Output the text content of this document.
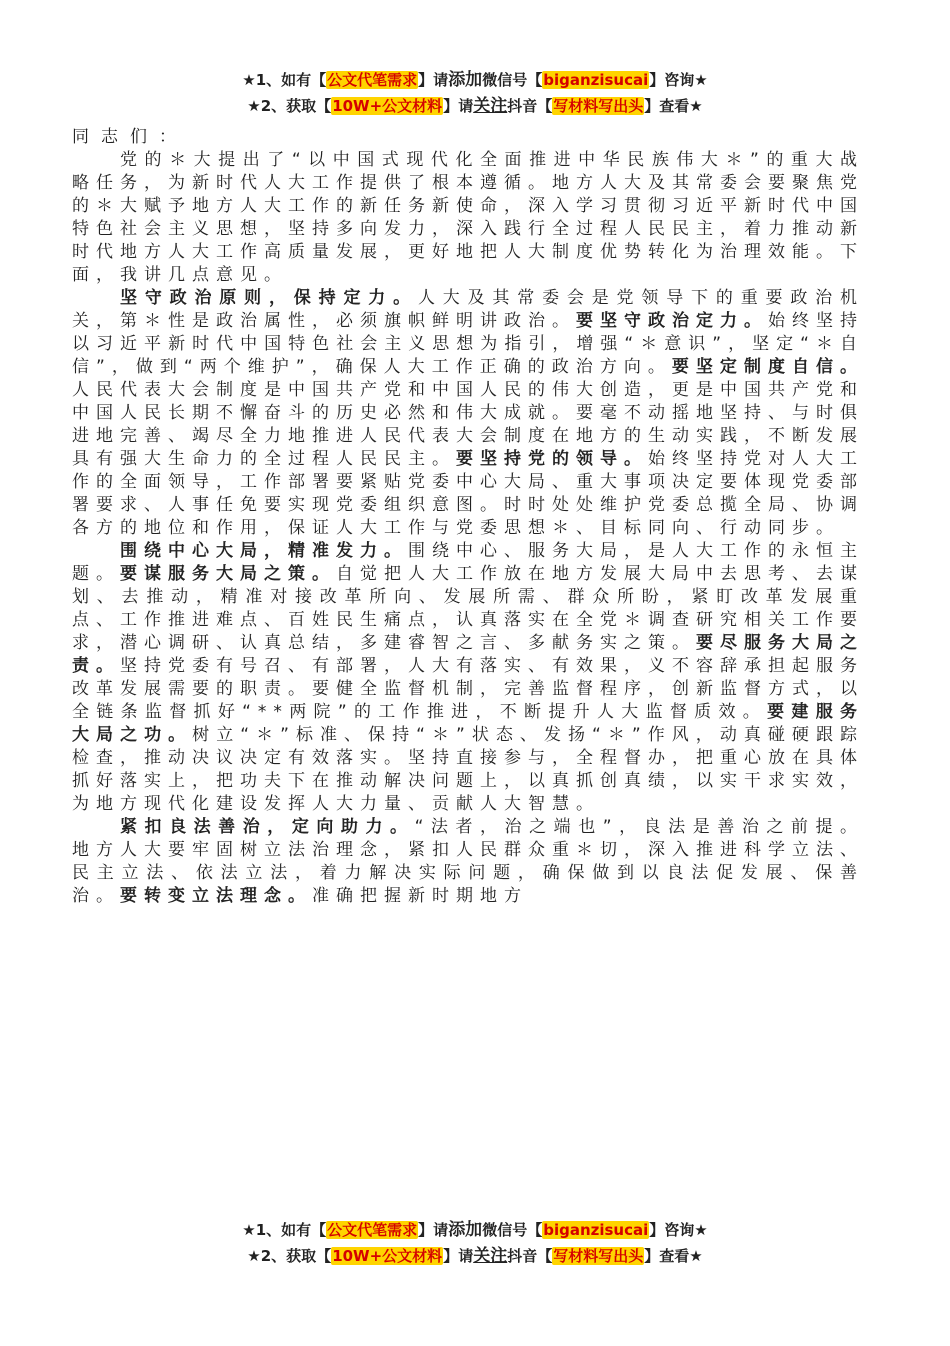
★1、如有【公文代笔需求】请添加微信号【biganzisucai】咨询★
★2、获取【10W+公文材料】请关注抖音【写材料写出头】查看★

同志们：

党的＊大提出了“以中国式现代化全面推进中华民族伟大＊”的重大战略任务，为新时代人大工作提供了根本遵循。地方人大及其常委会要聚焦党的＊大赋予地方人大工作的新任务新使命，深入学习贯彻习近平新时代中国特色社会主义思想，坚持多向发力，深入践行全过程人民民主，着力推动新时代地方人大工作高质量发展，更好地把人大制度优势转化为治理效能。下面，我讲几点意见。

坚守政治原则，保持定力。人大及其常委会是党领导下的重要政治机关，第＊性是政治属性，必须旗帜鲜明讲政治。要坚守政治定力。始终坚持以习近平新时代中国特色社会主义思想为指引，增强“＊意识”，坚定“＊自信”，做到“两个维护”，确保人大工作正确的政治方向。要坚定制度自信。人民代表大会制度是中国共产党和中国人民的伟大创造，更是中国共产党和中国人民长期不懈奋斗的历史必然和伟大成就。要毫不动摇地坚持、与时俱进地完善、竭尽全力地推进人民代表大会制度在地方的生动实践，不断发展具有强大生命力的全过程人民民主。要坚持党的领导。始终坚持党对人大工作的全面领导，工作部署要紧贴党委中心大局、重大事项决定要体现党委部署要求、人事任免要实现党委组织意图。时时处处维护党委总揽全局、协调各方的地位和作用，保证人大工作与党委思想＊、目标同向、行动同步。

围绕中心大局，精准发力。围绕中心、服务大局，是人大工作的永恒主题。要谋服务大局之策。自觉把人大工作放在地方发展大局中去思考、去谋划、去推动，精准对接改革所向、发展所需、群众所盼，紧盯改革发展重点、工作推进难点、百姓民生痛点，认真落实在全党＊调查研究相关工作要求，潜心调研、认真总结，多建睿智之言、多献务实之策。要尽服务大局之责。坚持党委有号召、有部署，人大有落实、有效果，义不容辞承担起服务改革发展需要的职责。要健全监督机制，完善监督程序，创新监督方式，以全链条监督抓好“**两院”的工作推进，不断提升人大监督质效。要建服务大局之功。树立“＊”标准、保持“＊”状态、发扬“＊”作风，动真碰硬跟踪检查，推动决议决定有效落实。坚持直接参与，全程督办，把重心放在具体抓好落实上，把功夫下在推动解决问题上，以真抓创真绩，以实干求实效，为地方现代化建设发挥人大力量、贡献人大智慧。

紧扣良法善治，定向助力。“法者，治之端也”，良法是善治之前提。地方人大要牢固树立法治理念，紧扣人民群众重＊切，深入推进科学立法、民主立法、依法立法，着力解决实际问题，确保做到以良法促发展、保善治。要转变立法理念。准确把握新时期地方

★1、如有【公文代笔需求】请添加微信号【biganzisucai】咨询★
★2、获取【10W+公文材料】请关注抖音【写材料写出头】查看★
